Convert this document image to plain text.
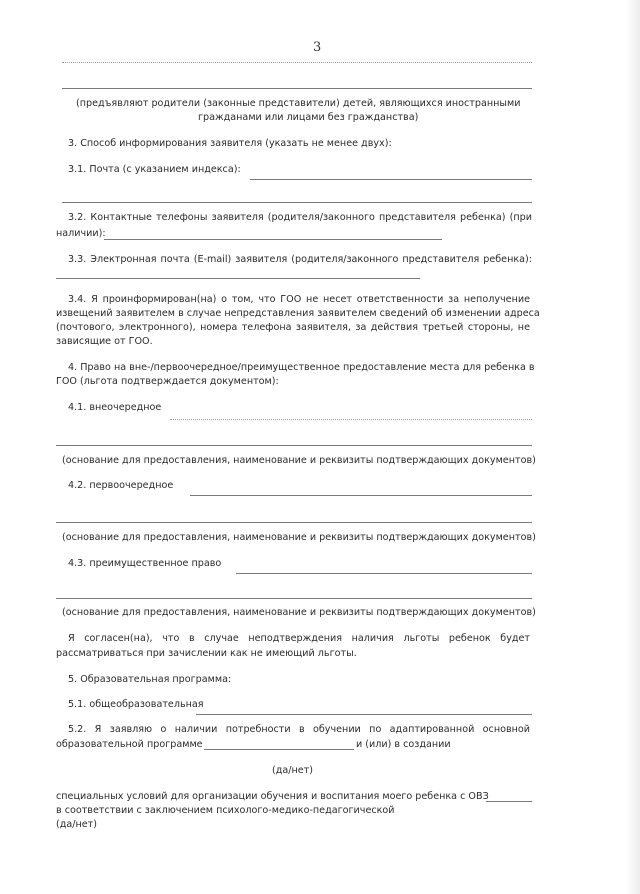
3
(предъявляют родители (законные представители) детей, являющихся иностранными
гражданами или лицами без гражданства)
3. Способ информирования заявителя (указать не менее двух):
3.1. Почта (с указанием индекса):
3.2. Контактные телефоны заявителя (родителя/законного представителя ребенка) (при
наличии):
3.3. Электронная почта (E-mail) заявителя (родителя/законного представителя ребенка):
3.4. Я проинформирован(на) о том, что ГОО не несет ответственности за неполучение
извещений заявителем в случае непредставления заявителем сведений об изменении адреса
(почтового, электронного), номера телефона заявителя, за действия третьей стороны, не
зависящие от ГОО.
4. Право на вне-/первоочередное/преимущественное предоставление места для ребенка в
ГОО (льгота подтверждается документом):
4.1. внеочередное
(основание для предоставления, наименование и реквизиты подтверждающих документов)
4.2. первоочередное
(основание для предоставления, наименование и реквизиты подтверждающих документов)
4.3. преимущественное право
(основание для предоставления, наименование и реквизиты подтверждающих документов)
Я согласен(на), что в случае неподтверждения наличия льготы ребенок будет
рассматриваться при зачислении как не имеющий льготы.
5. Образовательная программа:
5.1. общеобразовательная
5.2. Я заявляю о наличии потребности в обучении по адаптированной основной
образовательной программе	и (или) в создании
(да/нет)
специальных условий для организации обучения и воспитания моего ребенка с ОВЗ
в соответствии с заключением психолого-медико-педагогической
(да/нет)
